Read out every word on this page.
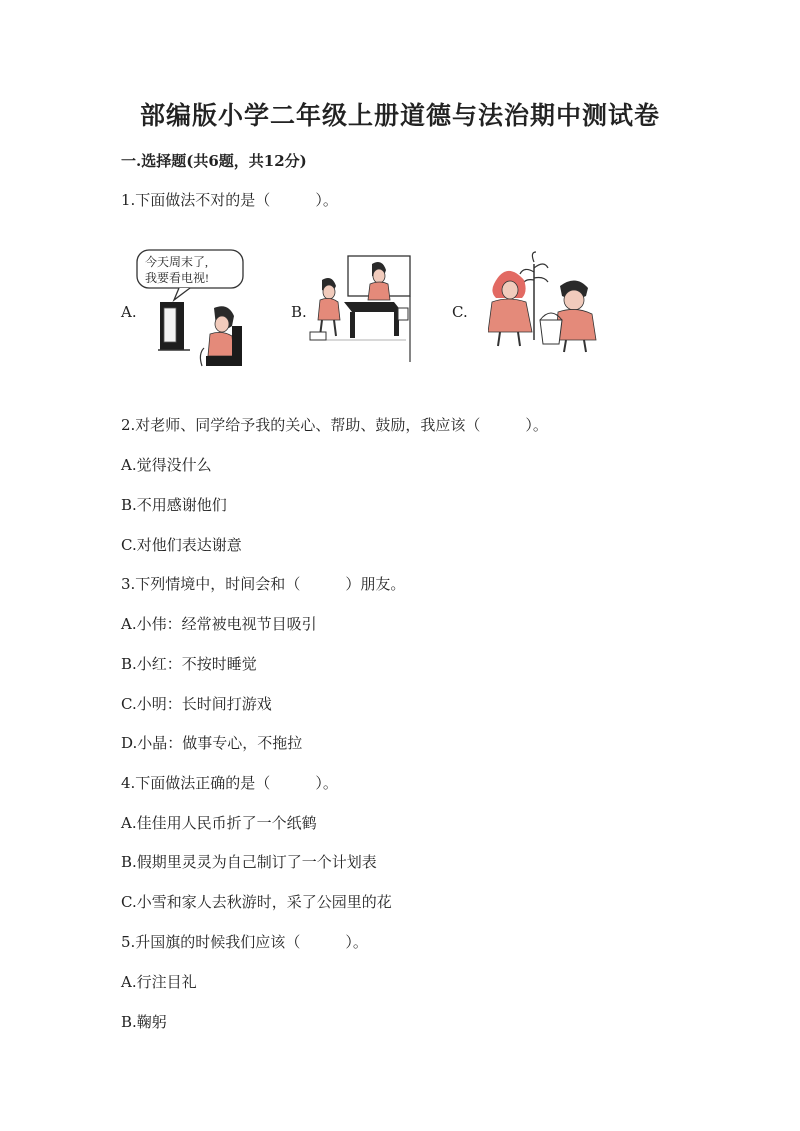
部编版小学二年级上册道德与法治期中测试卷
一.选择题(共6题，共12分)
1.下面做法不对的是（　　　）。
A.	B.	C.
今天周末了,
我要看电视!
2.对老师、同学给予我的关心、帮助、鼓励，我应该（　　　）。
A.觉得没什么
B.不用感谢他们
C.对他们表达谢意
3.下列情境中，时间会和（　　　）朋友。
A.小伟：经常被电视节目吸引
B.小红：不按时睡觉
C.小明：长时间打游戏
D.小晶：做事专心，不拖拉
4.下面做法正确的是（　　　）。
A.佳佳用人民币折了一个纸鹤
B.假期里灵灵为自己制订了一个计划表
C.小雪和家人去秋游时，采了公园里的花
5.升国旗的时候我们应该（　　　）。
A.行注目礼
B.鞠躬
